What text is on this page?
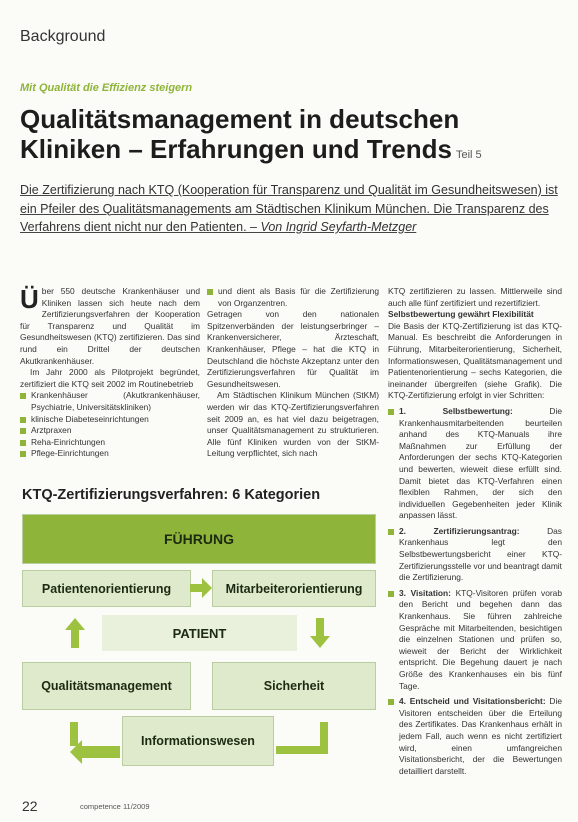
Background
Mit Qualität die Effizienz steigern
Qualitätsmanagement in deutschen
Kliniken – Erfahrungen und Trends Teil 5
Die Zertifizierung nach KTQ (Kooperation für Transparenz und Qualität im Gesundheitswesen) ist ein Pfeiler des Qualitätsmanagements am Städtischen Klinikum München. Die Transparenz des Verfahrens dient nicht nur den Patienten. – Von Ingrid Seyfarth-Metzger

Über 550 deutsche Krankenhäuser und Kliniken lassen sich heute nach dem Zertifizierungsverfahren der Kooperation für Transparenz und Qualität im Gesundheitswesen (KTQ) zertifizieren. Das sind rund ein Drittel der deutschen Akutkrankenhäuser.

Im Jahr 2000 als Pilotprojekt begründet, zertifiziert die KTQ seit 2002 im Routinebetrieb

Krankenhäuser (Akutkrankenhäuser, Psychiatrie, Universitätskliniken)
klinische Diabeteseinrichtungen
Arztpraxen
Reha-Einrichtungen
Pflege-Einrichtungen
und dient als Basis für die Zertifizierung von Organzentren.

Getragen von den nationalen Spitzenverbänden der leistungserbringer – Krankenversicherer, Ärzteschaft, Krankenhäuser, Pflege – hat die KTQ in Deutschland die höchste Akzeptanz unter den Zertifizierungsverfahren für Qualität im Gesundheitswesen.

Am Städtischen Klinikum München (StKM) werden wir das KTQ-Zertifizierungsverfahren seit 2009 an, es hat viel dazu beigetragen, unser Qualitätsmanagement zu strukturieren. Alle fünf Kliniken wurden von der StKM-Leitung verpflichtet, sich nach

KTQ zertifizieren zu lassen. Mittlerweile sind auch alle fünf zertifiziert und rezertifiziert.

Selbstbewertung gewährt Flexibilität

Die Basis der KTQ-Zertifizierung ist das KTQ-Manual. Es beschreibt die Anforderungen in Führung, Mitarbeiterorientierung, Sicherheit, Informationswesen, Qualitätsmanagement und Patientenorientierung – sechs Kategorien, die ineinander übergreifen (siehe Grafik). Die KTQ-Zertifizierung erfolgt in vier Schritten:

1. Selbstbewertung: Die Krankenhausmitarbeitenden beurteilen anhand des KTQ-Manuals ihre Maßnahmen zur Erfüllung der Anforderungen der sechs KTQ-Kategorien und bewerten, wieweit diese erfüllt sind. Damit bietet das KTQ-Verfahren einen flexiblen Rahmen, der sich den individuellen Gegebenheiten jeder Klinik anpassen lässt.
2. Zertifizierungsantrag: Das Krankenhaus legt den Selbstbewertungsbericht einer KTQ-Zertifizierungsstelle vor und beantragt damit die Zertifizierung.
3. Visitation: KTQ-Visitoren prüfen vorab den Bericht und begehen dann das Krankenhaus. Sie führen zahlreiche Gespräche mit Mitarbeitenden, besichtigen die einzelnen Stationen und prüfen so, wieweit der Bericht der Wirklichkeit entspricht. Die Begehung dauert je nach Größe des Krankenhauses ein bis fünf Tage.
4. Entscheid und Visitationsbericht: Die Visitoren entscheiden über die Erteilung des Zertifikates. Das Krankenhaus erhält in jedem Fall, auch wenn es nicht zertifiziert wird, einen umfangreichen Visitationsbericht, der die Bewertungen detailliert darstellt.
KTQ-Zertifizierungsverfahren: 6 Kategorien
FÜHRUNG
Patientenorientierung	Mitarbeiterorientierung
PATIENT
Qualitätsmanagement	Sicherheit
Informationswesen
22	competence 11/2009
